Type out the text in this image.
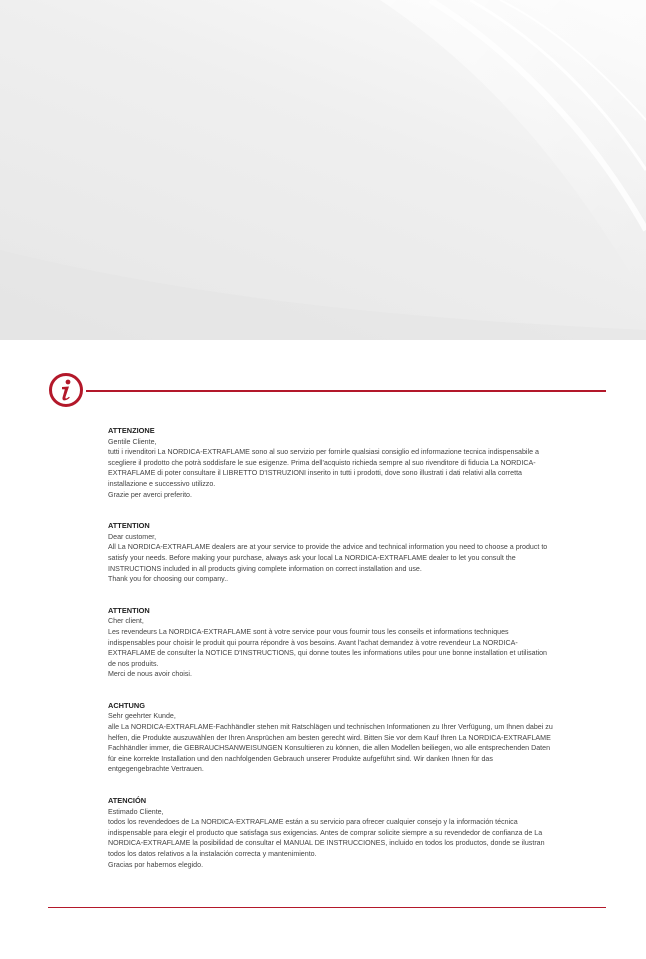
ATTENZIONE

Gentile Cliente,

tutti i rivenditori La NORDICA-EXTRAFLAME sono al suo servizio per fornirle qualsiasi consiglio ed informazione tecnica indispensabile a scegliere il prodotto che potrà soddisfare le sue esigenze. Prima dell'acquisto richieda sempre al suo rivenditore di fiducia La NORDICA-EXTRAFLAME di poter consultare il LIBRETTO D'ISTRUZIONI inserito in tutti i prodotti, dove sono illustrati i dati relativi alla corretta installazione e successivo utilizzo.

Grazie per averci preferito.

ATTENTION

Dear customer,

All La NORDICA-EXTRAFLAME dealers are at your service to provide the advice and technical information you need to choose a product to satisfy your needs. Before making your purchase, always ask your local La NORDICA-EXTRAFLAME dealer to let you consult the INSTRUCTIONS included in all products giving complete information on correct installation and use.

Thank you for choosing our company..

ATTENTION

Cher client,

Les revendeurs La NORDICA-EXTRAFLAME sont à votre service pour vous fournir tous les conseils et informations techniques indispensables pour choisir le produit qui pourra répondre à vos besoins. Avant l'achat demandez à votre revendeur La NORDICA-EXTRAFLAME de consulter la NOTICE D'INSTRUCTIONS, qui donne toutes les informations utiles pour une bonne installation et utilisation de nos produits.

Merci de nous avoir choisi.

ACHTUNG

Sehr geehrter Kunde,

alle La NORDICA-EXTRAFLAME-Fachhändler stehen mit Ratschlägen und technischen Informationen zu Ihrer Verfügung, um Ihnen dabei zu helfen, die Produkte auszuwählen der Ihren Ansprüchen am besten gerecht wird. Bitten Sie vor dem Kauf Ihren La NORDICA-EXTRAFLAME Fachhändler immer, die GEBRAUCHSANWEISUNGEN Konsultieren zu können, die allen Modellen beiliegen, wo alle entsprechenden Daten für eine korrekte Installation und den nachfolgenden Gebrauch unserer Produkte aufgeführt sind. Wir danken Ihnen für das entgegengebrachte Vertrauen.

ATENCIÓN

Estimado Cliente,

todos los revendedoes de La NORDICA-EXTRAFLAME están a su servicio para ofrecer cualquier consejo y la información técnica indispensable para elegir el producto que satisfaga sus exigencias. Antes de comprar solicite siempre a su revendedor de confianza de La NORDICA-EXTRAFLAME la posibilidad de consultar el MANUAL DE INSTRUCCIONES, incluido en todos los productos, donde se ilustran todos los datos relativos a la instalación correcta y mantenimiento.

Gracias por habernos elegido.
